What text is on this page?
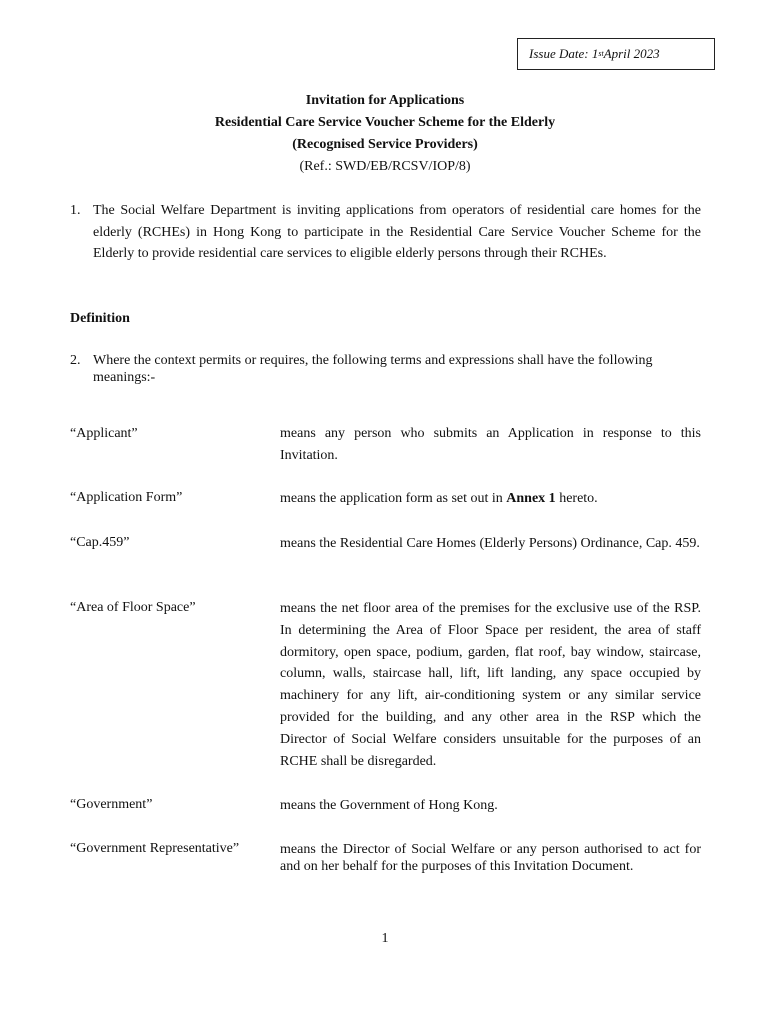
Issue Date: 1 st April 2023
Invitation for Applications
Residential Care Service Voucher Scheme for the Elderly
(Recognised Service Providers)
(Ref.: SWD/EB/RCSV/IOP/8)
1. The Social Welfare Department is inviting applications from operators of residential care homes for the elderly (RCHEs) in Hong Kong to participate in the Residential Care Service Voucher Scheme for the Elderly to provide residential care services to eligible elderly persons through their RCHEs.
Definition
2. Where the context permits or requires, the following terms and expressions shall have the following meanings:-
“Applicant”	means any person who submits an Application in response to this Invitation.
“Application Form”	means the application form as set out in Annex 1 hereto.
“Cap.459”	means the Residential Care Homes (Elderly Persons) Ordinance, Cap. 459.
“Area of Floor Space”	means the net floor area of the premises for the exclusive use of the RSP. In determining the Area of Floor Space per resident, the area of staff dormitory, open space, podium, garden, flat roof, bay window, staircase, column, walls, staircase hall, lift, lift landing, any space occupied by machinery for any lift, air-conditioning system or any similar service provided for the building, and any other area in the RSP which the Director of Social Welfare considers unsuitable for the purposes of an RCHE shall be disregarded.
“Government”	means the Government of Hong Kong.
“Government Representative”	means the Director of Social Welfare or any person authorised to act for and on her behalf for the purposes of this Invitation Document.
1
